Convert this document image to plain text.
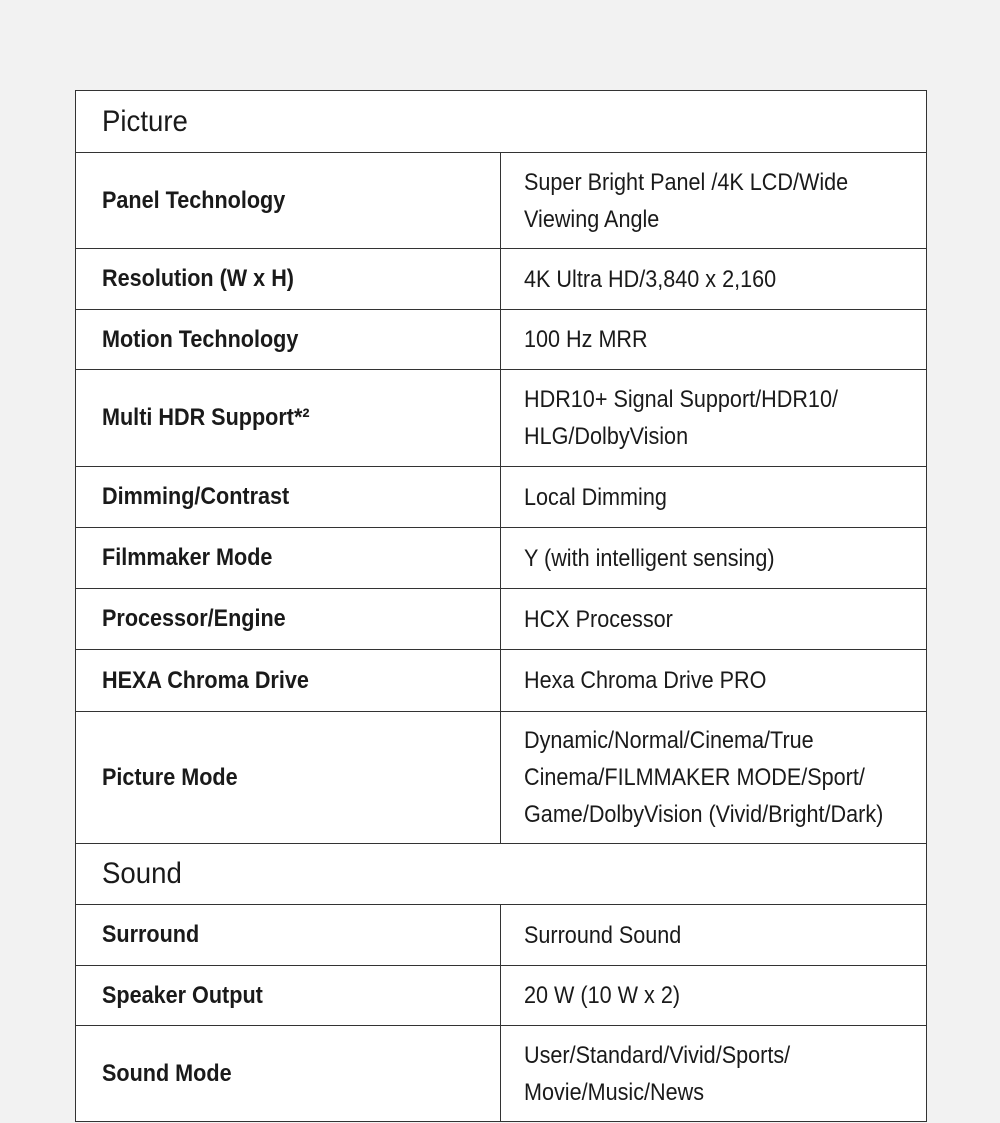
Picture	
Panel Technology	Super Bright Panel /4K LCD/Wide
Viewing Angle
Resolution (W x H)	4K Ultra HD/3,840 x 2,160
Motion Technology	100 Hz MRR
Multi HDR Support*²	HDR10+ Signal Support/HDR10/
HLG/DolbyVision
Dimming/Contrast	Local Dimming
Filmmaker Mode	Y (with intelligent sensing)
Processor/Engine	HCX Processor
HEXA Chroma Drive	Hexa Chroma Drive PRO
Picture Mode	Dynamic/Normal/Cinema/True
Cinema/FILMMAKER MODE/Sport/
Game/DolbyVision (Vivid/Bright/Dark)
Sound	
Surround	Surround Sound
Speaker Output	20 W (10 W x 2)
Sound Mode	User/Standard/Vivid/Sports/
Movie/Music/News
